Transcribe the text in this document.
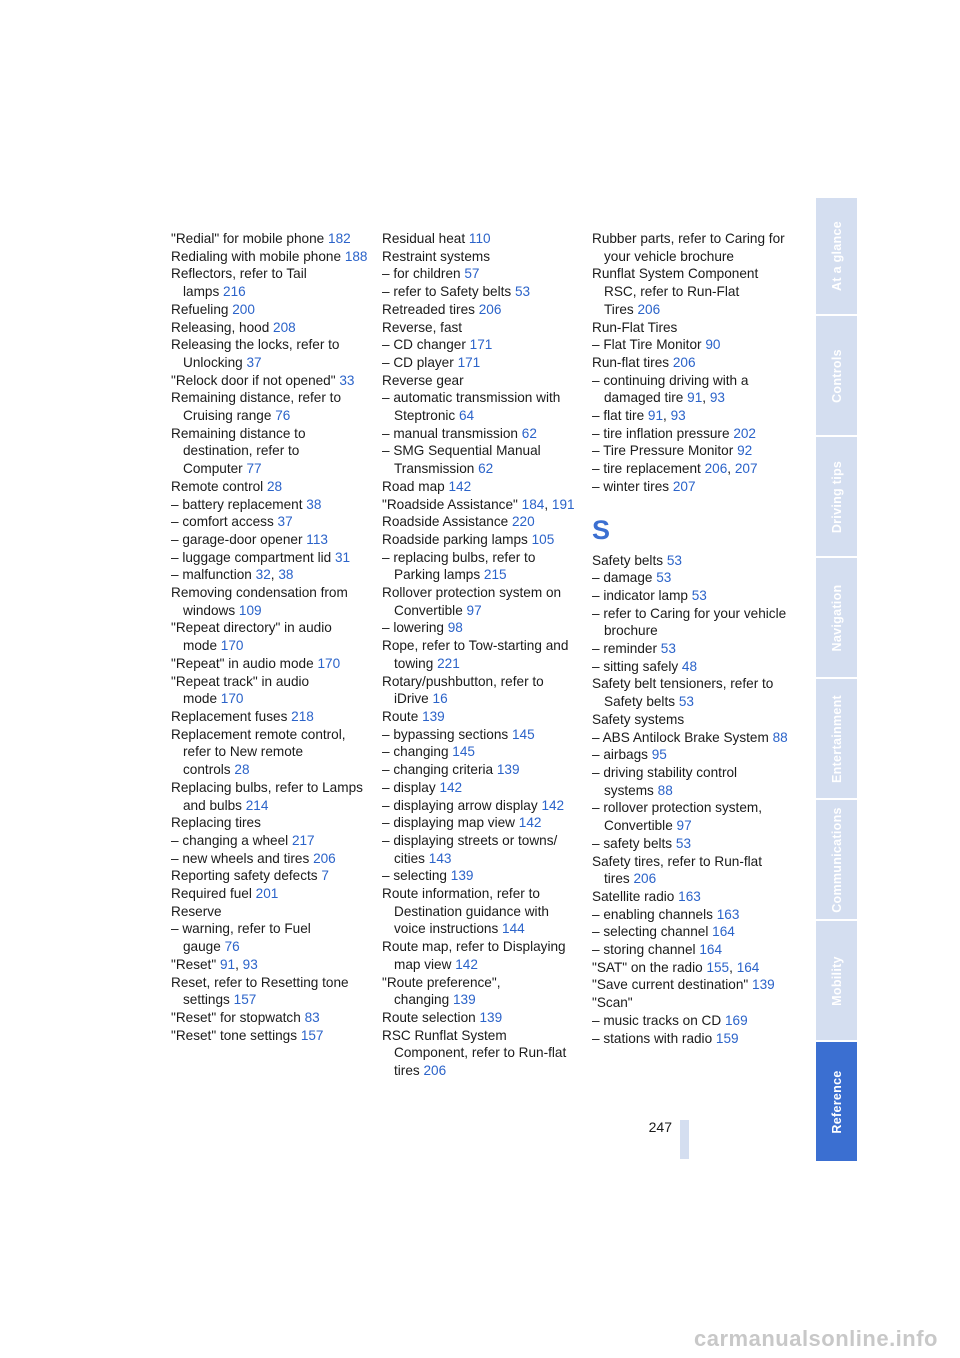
"Redial" for mobile phone 182
Redialing with mobile phone 188
Reflectors, refer to Tail lamps 216
Refueling 200
Releasing, hood 208
Releasing the locks, refer to Unlocking 37
"Relock door if not opened" 33
Remaining distance, refer to Cruising range 76
Remaining distance to destination, refer to Computer 77
Remote control 28
– battery replacement 38
– comfort access 37
– garage-door opener 113
– luggage compartment lid 31
– malfunction 32, 38
Removing condensation from windows 109
"Repeat directory" in audio mode 170
"Repeat" in audio mode 170
"Repeat track" in audio mode 170
Replacement fuses 218
Replacement remote control, refer to New remote controls 28
Replacing bulbs, refer to Lamps and bulbs 214
Replacing tires
– changing a wheel 217
– new wheels and tires 206
Reporting safety defects 7
Required fuel 201
Reserve
– warning, refer to Fuel gauge 76
"Reset" 91, 93
Reset, refer to Resetting tone settings 157
"Reset" for stopwatch 83
"Reset" tone settings 157
Residual heat 110
Restraint systems
– for children 57
– refer to Safety belts 53
Retreaded tires 206
Reverse, fast
– CD changer 171
– CD player 171
Reverse gear
– automatic transmission with Steptronic 64
– manual transmission 62
– SMG Sequential Manual Transmission 62
Road map 142
"Roadside Assistance" 184, 191
Roadside Assistance 220
Roadside parking lamps 105
– replacing bulbs, refer to Parking lamps 215
Rollover protection system on Convertible 97
– lowering 98
Rope, refer to Tow-starting and towing 221
Rotary/pushbutton, refer to iDrive 16
Route 139
– bypassing sections 145
– changing 145
– changing criteria 139
– display 142
– displaying arrow display 142
– displaying map view 142
– displaying streets or towns/ cities 143
– selecting 139
Route information, refer to Destination guidance with voice instructions 144
Route map, refer to Displaying map view 142
"Route preference", changing 139
Route selection 139
RSC Runflat System Component, refer to Run-flat tires 206
Rubber parts, refer to Caring for your vehicle brochure
Runflat System Component RSC, refer to Run-Flat Tires 206
Run-Flat Tires
– Flat Tire Monitor 90
Run-flat tires 206
– continuing driving with a damaged tire 91, 93
– flat tire 91, 93
– tire inflation pressure 202
– Tire Pressure Monitor 92
– tire replacement 206, 207
– winter tires 207
S
Safety belts 53
– damage 53
– indicator lamp 53
– refer to Caring for your vehicle brochure
– reminder 53
– sitting safely 48
Safety belt tensioners, refer to Safety belts 53
Safety systems
– ABS Antilock Brake System 88
– airbags 95
– driving stability control systems 88
– rollover protection system, Convertible 97
– safety belts 53
Safety tires, refer to Run-flat tires 206
Satellite radio 163
– enabling channels 163
– selecting channel 164
– storing channel 164
"SAT" on the radio 155, 164
"Save current destination" 139
"Scan"
– music tracks on CD 169
– stations with radio 159
At a glance
Controls
Driving tips
Navigation
Entertainment
Communications
Mobility
Reference
247
carmanualsonline.info
